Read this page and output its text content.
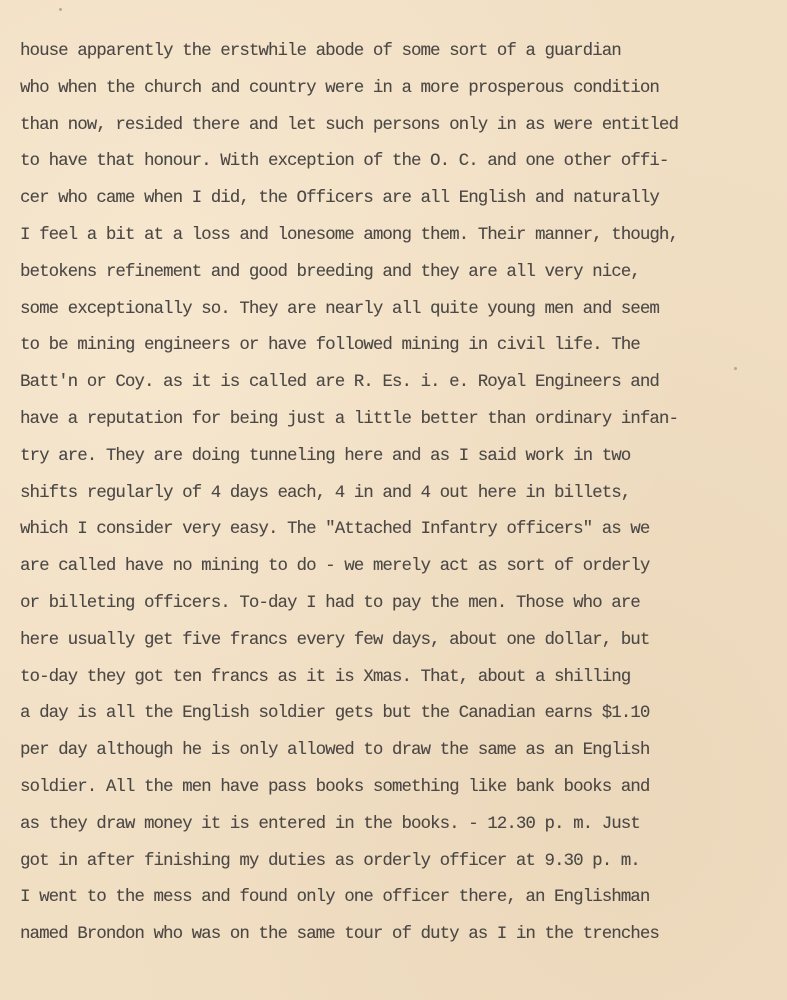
house apparently the erstwhile abode of some sort of a guardian
who when the church and country were in a more prosperous condition
than now, resided there and let such persons only in as were entitled
to have that honour. With exception of the O. C. and one other offi-
cer who came when I did, the Officers are all English and naturally
I feel a bit at a loss and lonesome among them. Their manner, though,
betokens refinement and good breeding and they are all very nice,
some exceptionally so. They are nearly all quite young men and seem
to be mining engineers or have followed mining in civil life. The
Batt'n or Coy. as it is called are R. Es. i. e. Royal Engineers and
have a reputation for being just a little better than ordinary infan-
try are. They are doing tunneling here and as I said work in two
shifts regularly of 4 days each, 4 in and 4 out here in billets,
which I consider very easy. The "Attached Infantry officers" as we
are called have no mining to do - we merely act as sort of orderly
or billeting officers. To-day I had to pay the men. Those who are
here usually get five francs every few days, about one dollar, but
to-day they got ten francs as it is Xmas. That, about a shilling
a day is all the English soldier gets but the Canadian earns $1.10
per day although he is only allowed to draw the same as an English
soldier. All the men have pass books something like bank books and
as they draw money it is entered in the books. - 12.30 p. m. Just
got in after finishing my duties as orderly officer at 9.30 p. m.
I went to the mess and found only one officer there, an Englishman
named Brondon who was on the same tour of duty as I in the trenches
